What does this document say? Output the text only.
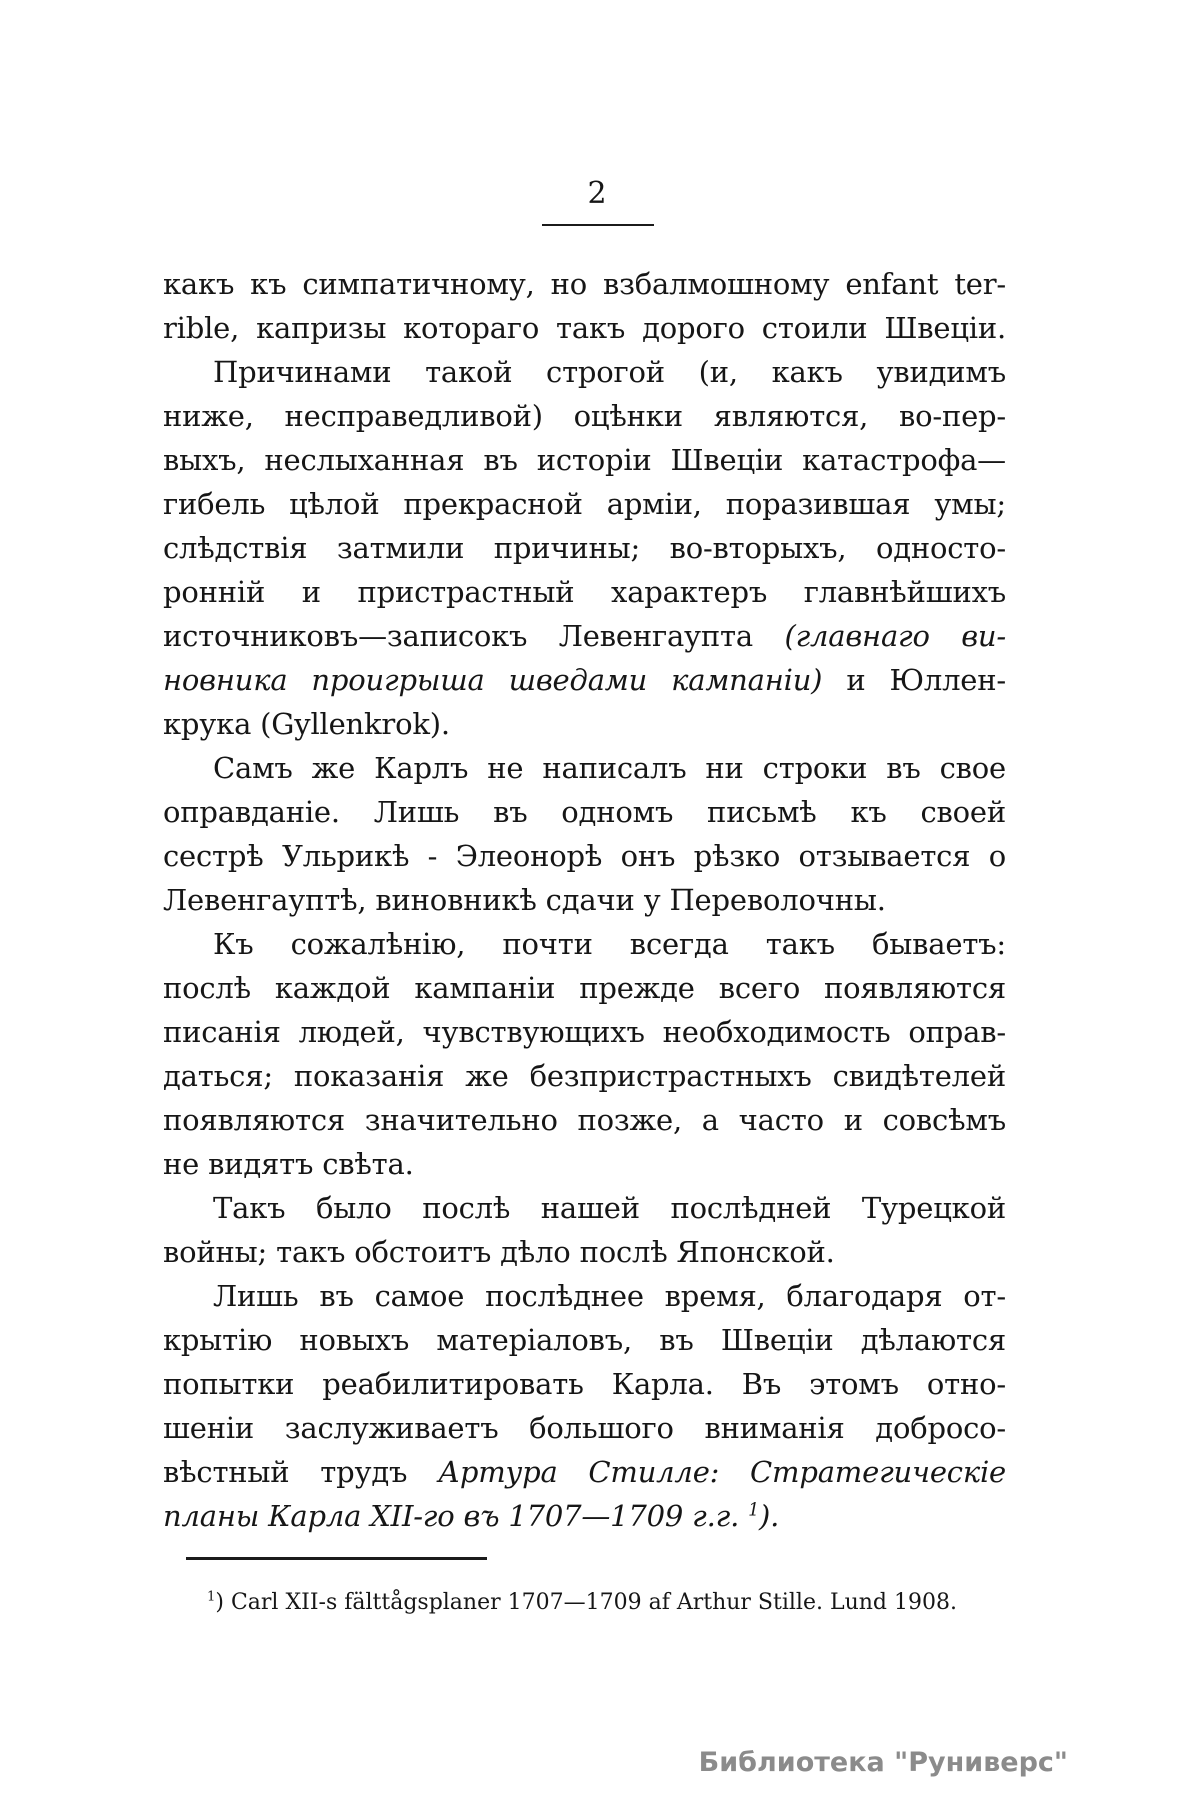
2
какъ къ симпатичному, но взбалмошному enfant ter-
rible, капризы котораго такъ дорого стоили Швеціи.
Причинами такой строгой (и, какъ увидимъ
ниже, несправедливой) оцѣнки являются, во-пер-
выхъ, неслыханная въ исторіи Швеціи катастрофа—
гибель цѣлой прекрасной арміи, поразившая умы;
слѣдствія затмили причины; во-вторыхъ, односто-
ронній и пристрастный характеръ главнѣйшихъ
источниковъ—записокъ Левенгаупта (главнаго ви-
новника проигрыша шведами кампаніи) и Юллен-
крука (Gyllenkrok).
Самъ же Карлъ не написалъ ни строки въ свое
оправданіе. Лишь въ одномъ письмѣ къ своей
сестрѣ Ульрикѣ - Элеонорѣ онъ рѣзко отзывается о
Левенгауптѣ, виновникѣ сдачи у Переволочны.
Къ сожалѣнію, почти всегда такъ бываетъ:
послѣ каждой кампаніи прежде всего появляются
писанія людей, чувствующихъ необходимость оправ-
даться; показанія же безпристрастныхъ свидѣтелей
появляются значительно позже, а часто и совсѣмъ
не видятъ свѣта.
Такъ было послѣ нашей послѣдней Турецкой
войны; такъ обстоитъ дѣло послѣ Японской.
Лишь въ самое послѣднее время, благодаря от-
крытію новыхъ матеріаловъ, въ Швеціи дѣлаются
попытки реабилитировать Карла. Въ этомъ отно-
шеніи заслуживаетъ большого вниманія добросо-
вѣстный трудъ Артура Стилле: Стратегическіе
планы Карла XII-го въ 1707—1709 г.г. $^1$).
$^1$) Carl XII-s fälttågsplaner 1707—1709 af Arthur Stille. Lund 1908.
Библиотека "Руниверс"
